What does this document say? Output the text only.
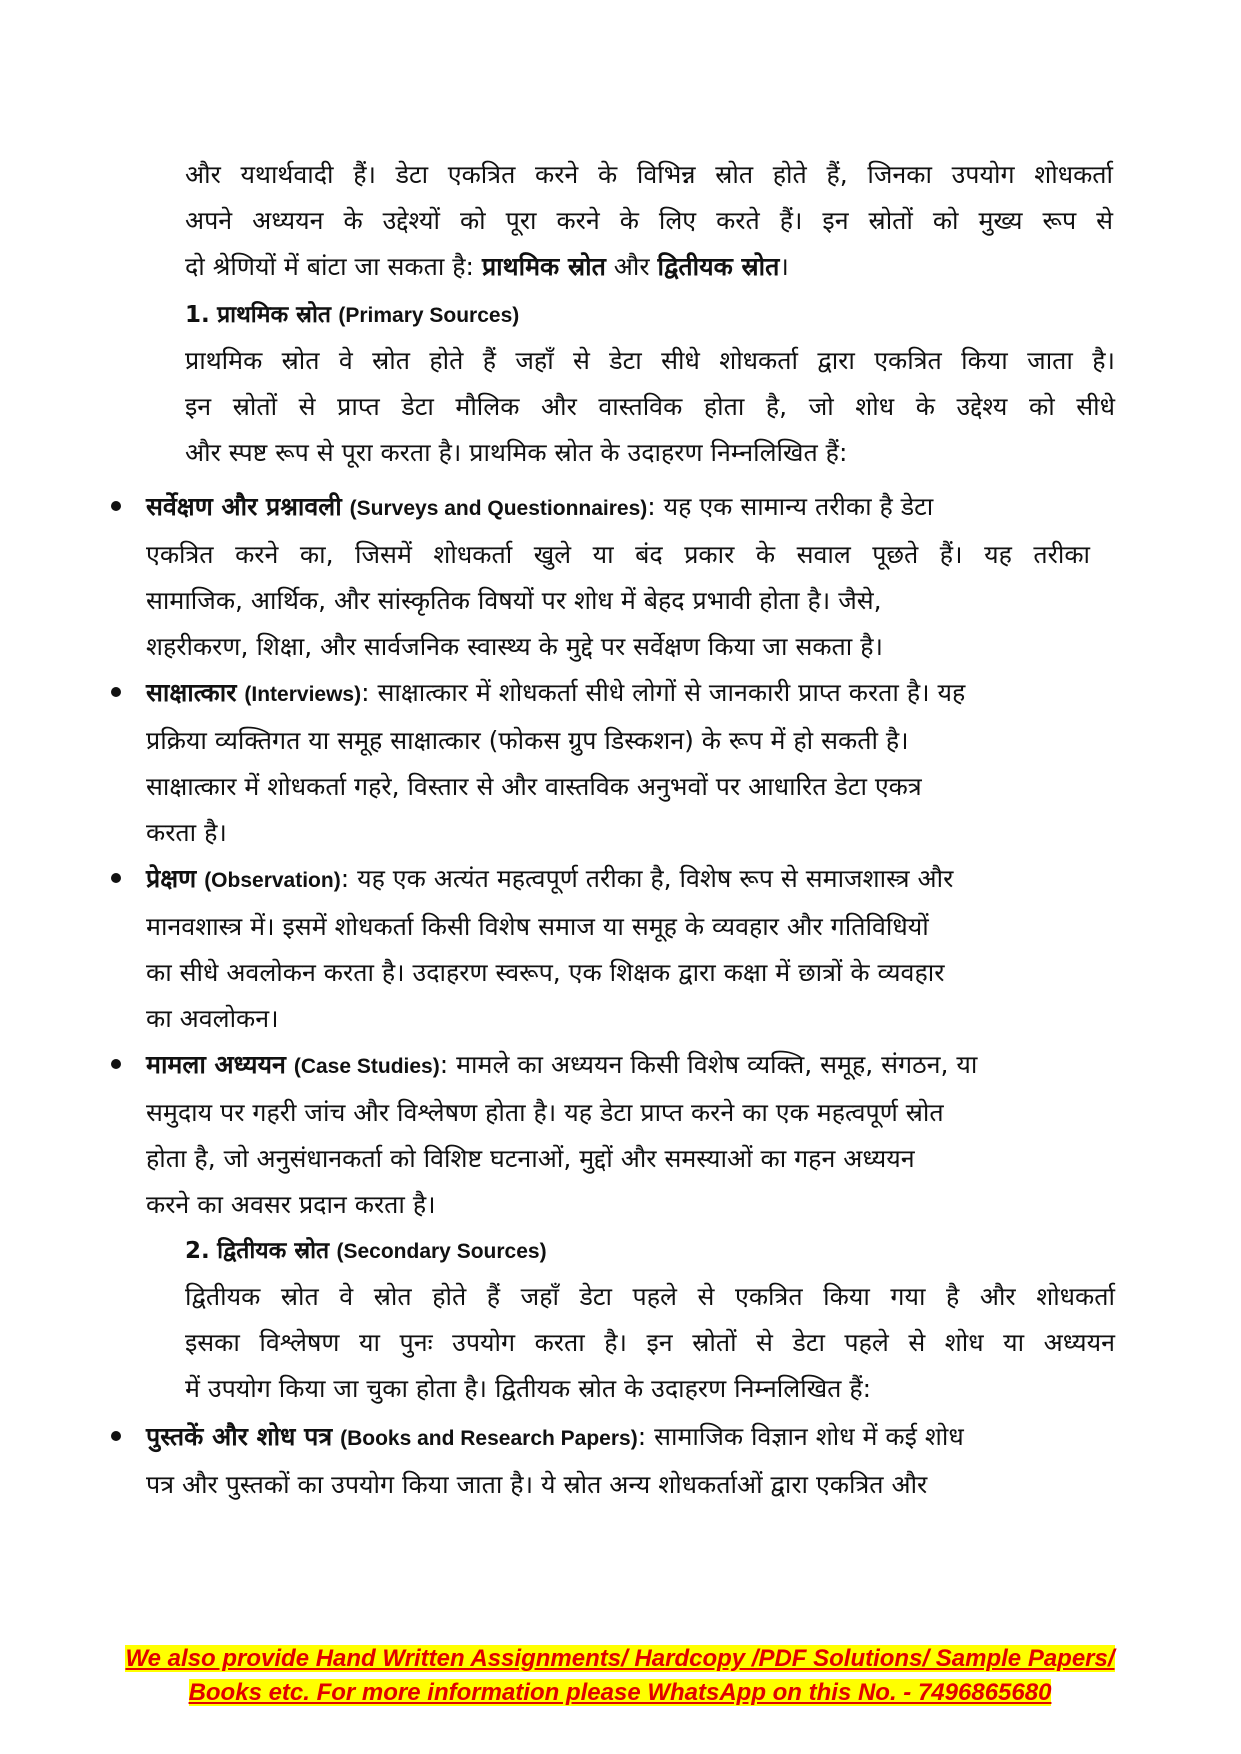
और यथार्थवादी हैं। डेटा एकत्रित करने के विभिन्न स्रोत होते हैं, जिनका उपयोग शोधकर्ता
अपने अध्ययन के उद्देश्यों को पूरा करने के लिए करते हैं। इन स्रोतों को मुख्य रूप से
दो श्रेणियों में बांटा जा सकता है: प्राथमिक स्रोत और द्वितीयक स्रोत।
1. प्राथमिक स्रोत (Primary Sources)
प्राथमिक स्रोत वे स्रोत होते हैं जहाँ से डेटा सीधे शोधकर्ता द्वारा एकत्रित किया जाता है।
इन स्रोतों से प्राप्त डेटा मौलिक और वास्तविक होता है, जो शोध के उद्देश्य को सीधे
और स्पष्ट रूप से पूरा करता है। प्राथमिक स्रोत के उदाहरण निम्नलिखित हैं:
सर्वेक्षण और प्रश्नावली (Surveys and Questionnaires): यह एक सामान्य तरीका है डेटा
एकत्रित करने का, जिसमें शोधकर्ता खुले या बंद प्रकार के सवाल पूछते हैं। यह तरीका
सामाजिक, आर्थिक, और सांस्कृतिक विषयों पर शोध में बेहद प्रभावी होता है। जैसे,
शहरीकरण, शिक्षा, और सार्वजनिक स्वास्थ्य के मुद्दे पर सर्वेक्षण किया जा सकता है।
साक्षात्कार (Interviews): साक्षात्कार में शोधकर्ता सीधे लोगों से जानकारी प्राप्त करता है। यह
प्रक्रिया व्यक्तिगत या समूह साक्षात्कार (फोकस ग्रुप डिस्कशन) के रूप में हो सकती है।
साक्षात्कार में शोधकर्ता गहरे, विस्तार से और वास्तविक अनुभवों पर आधारित डेटा एकत्र
करता है।
प्रेक्षण (Observation): यह एक अत्यंत महत्वपूर्ण तरीका है, विशेष रूप से समाजशास्त्र और
मानवशास्त्र में। इसमें शोधकर्ता किसी विशेष समाज या समूह के व्यवहार और गतिविधियों
का सीधे अवलोकन करता है। उदाहरण स्वरूप, एक शिक्षक द्वारा कक्षा में छात्रों के व्यवहार
का अवलोकन।
मामला अध्ययन (Case Studies): मामले का अध्ययन किसी विशेष व्यक्ति, समूह, संगठन, या
समुदाय पर गहरी जांच और विश्लेषण होता है। यह डेटा प्राप्त करने का एक महत्वपूर्ण स्रोत
होता है, जो अनुसंधानकर्ता को विशिष्ट घटनाओं, मुद्दों और समस्याओं का गहन अध्ययन
करने का अवसर प्रदान करता है।
2. द्वितीयक स्रोत (Secondary Sources)
द्वितीयक स्रोत वे स्रोत होते हैं जहाँ डेटा पहले से एकत्रित किया गया है और शोधकर्ता
इसका विश्लेषण या पुनः उपयोग करता है। इन स्रोतों से डेटा पहले से शोध या अध्ययन
में उपयोग किया जा चुका होता है। द्वितीयक स्रोत के उदाहरण निम्नलिखित हैं:
पुस्तकें और शोध पत्र (Books and Research Papers): सामाजिक विज्ञान शोध में कई शोध
पत्र और पुस्तकों का उपयोग किया जाता है। ये स्रोत अन्य शोधकर्ताओं द्वारा एकत्रित और
We also provide Hand Written Assignments/ Hardcopy /PDF Solutions/ Sample Papers/
Books etc. For more information please WhatsApp on this No. - 7496865680
